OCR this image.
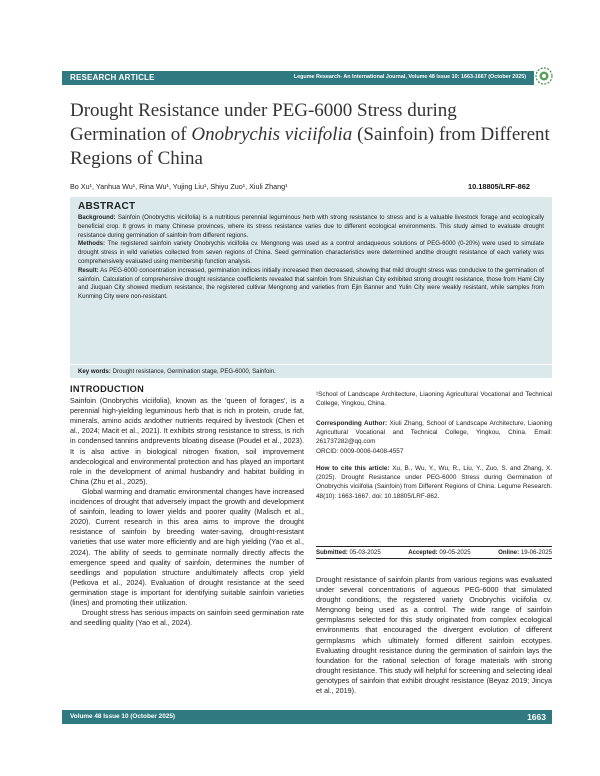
RESEARCH ARTICLE	Legume Research- An International Journal, Volume 48 Issue 10: 1663-1667 (October 2025)
Drought Resistance under PEG-6000 Stress during Germination of Onobrychis viciifolia (Sainfoin) from Different Regions of China
Bo Xu¹, Yanhua Wu¹, Rina Wu¹, Yujing Liu¹, Shiyu Zuo¹, Xiuli Zhang¹	10.18805/LRF-862
ABSTRACT

Background: Sainfoin (Onobrychis viciifolia) is a nutritious perennial leguminous herb with strong resistance to stress and is a valuable livestock forage and ecologically beneficial crop. It grows in many Chinese provinces, where its stress resistance varies due to different ecological environments. This study aimed to evaluate drought resistance during germination of sainfoin from different regions.

Methods: The registered sainfoin variety Onobrychis viciifolia cv. Mengnong was used as a control andaqueous solutions of PEG-6000 (0-20%) were used to simulate drought stress in wild varieties collected from seven regions of China. Seed germination characteristics were determined andthe drought resistance of each variety was comprehensively evaluated using membership function analysis.

Result: As PEG-6000 concentration increased, germination indices initially increased then decreased, showing that mild drought stress was conducive to the germination of sainfoin. Calculation of comprehensive drought resistance coefficients revealed that sainfoin from Shizuishan City exhibited strong drought resistance, those from Hami City and Jiuquan City showed medium resistance, the registered cultivar Mengnong and varieties from Ejin Banner and Yulin City were weakly resistant, while samples from Kunming City were non-resistant.

Key words: Drought resistance, Germination stage, PEG-6000, Sainfoin.
INTRODUCTION

Sainfoin (Onobrychis viciifolia), known as the 'queen of forages', is a perennial high-yielding leguminous herb that is rich in protein, crude fat, minerals, amino acids andother nutrients required by livestock (Chen et al., 2024; Macit et al., 2021). It exhibits strong resistance to stress, is rich in condensed tannins andprevents bloating disease (Poudel et al., 2023). It is also active in biological nitrogen fixation, soil improvement andecological and environmental protection and has played an important role in the development of animal husbandry and habitat building in China (Zhu et al., 2025).

Global warming and dramatic environmental changes have increased incidences of drought that adversely impact the growth and development of sainfoin, leading to lower yields and poorer quality (Malisch et al., 2020). Current research in this area aims to improve the drought resistance of sainfoin by breeding water-saving, drought-resistant varieties that use water more efficiently and are high yielding (Yao et al., 2024). The ability of seeds to germinate normally directly affects the emergence speed and quality of sainfoin, determines the number of seedlings and population structure andultimately affects crop yield (Petkova et al., 2024). Evaluation of drought resistance at the seed germination stage is important for identifying suitable sainfoin varieties (lines) and promoting their utilization.

Drought stress has serious impacts on sainfoin seed germination rate and seedling quality (Yao et al., 2024).

¹School of Landscape Architecture, Liaoning Agricultural Vocational and Technical College, Yingkou, China.
Corresponding Author: Xiuli Zhang, School of Landscape Architecture, Liaoning Agricultural Vocational and Technical College, Yingkou, China. Email: 261737282@qq.com
ORCID: 0009-0006-0408-4557
How to cite this article: Xu, B., Wu, Y., Wu, R., Liu, Y., Zuo, S. and Zhang, X. (2025). Drought Resistance under PEG-6000 Stress during Germination of Onobrychis viciifolia (Sainfoin) from Different Regions of China. Legume Research. 48(10): 1663-1667. doi: 10.18805/LRF-862.
Submitted: 05-03-2025	Accepted: 09-05-2025	Online: 19-06-2025
Drought resistance of sainfoin plants from various regions was evaluated under several concentrations of aqueous PEG-6000 that simulated drought conditions, the registered variety Onobrychis viciifolia cv. Mengnong being used as a control. The wide range of sainfoin germplasms selected for this study originated from complex ecological environments that encouraged the divergent evolution of different germplasms which ultimately formed different sainfoin ecotypes. Evaluating drought resistance during the germination of sainfoin lays the foundation for the rational selection of forage materials with strong drought resistance. This study will helpful for screening and selecting ideal genotypes of sainfoin that exhibit drought resistance (Beyaz 2019; Jincya et al., 2019).
Volume 48 Issue 10 (October 2025)	1663
